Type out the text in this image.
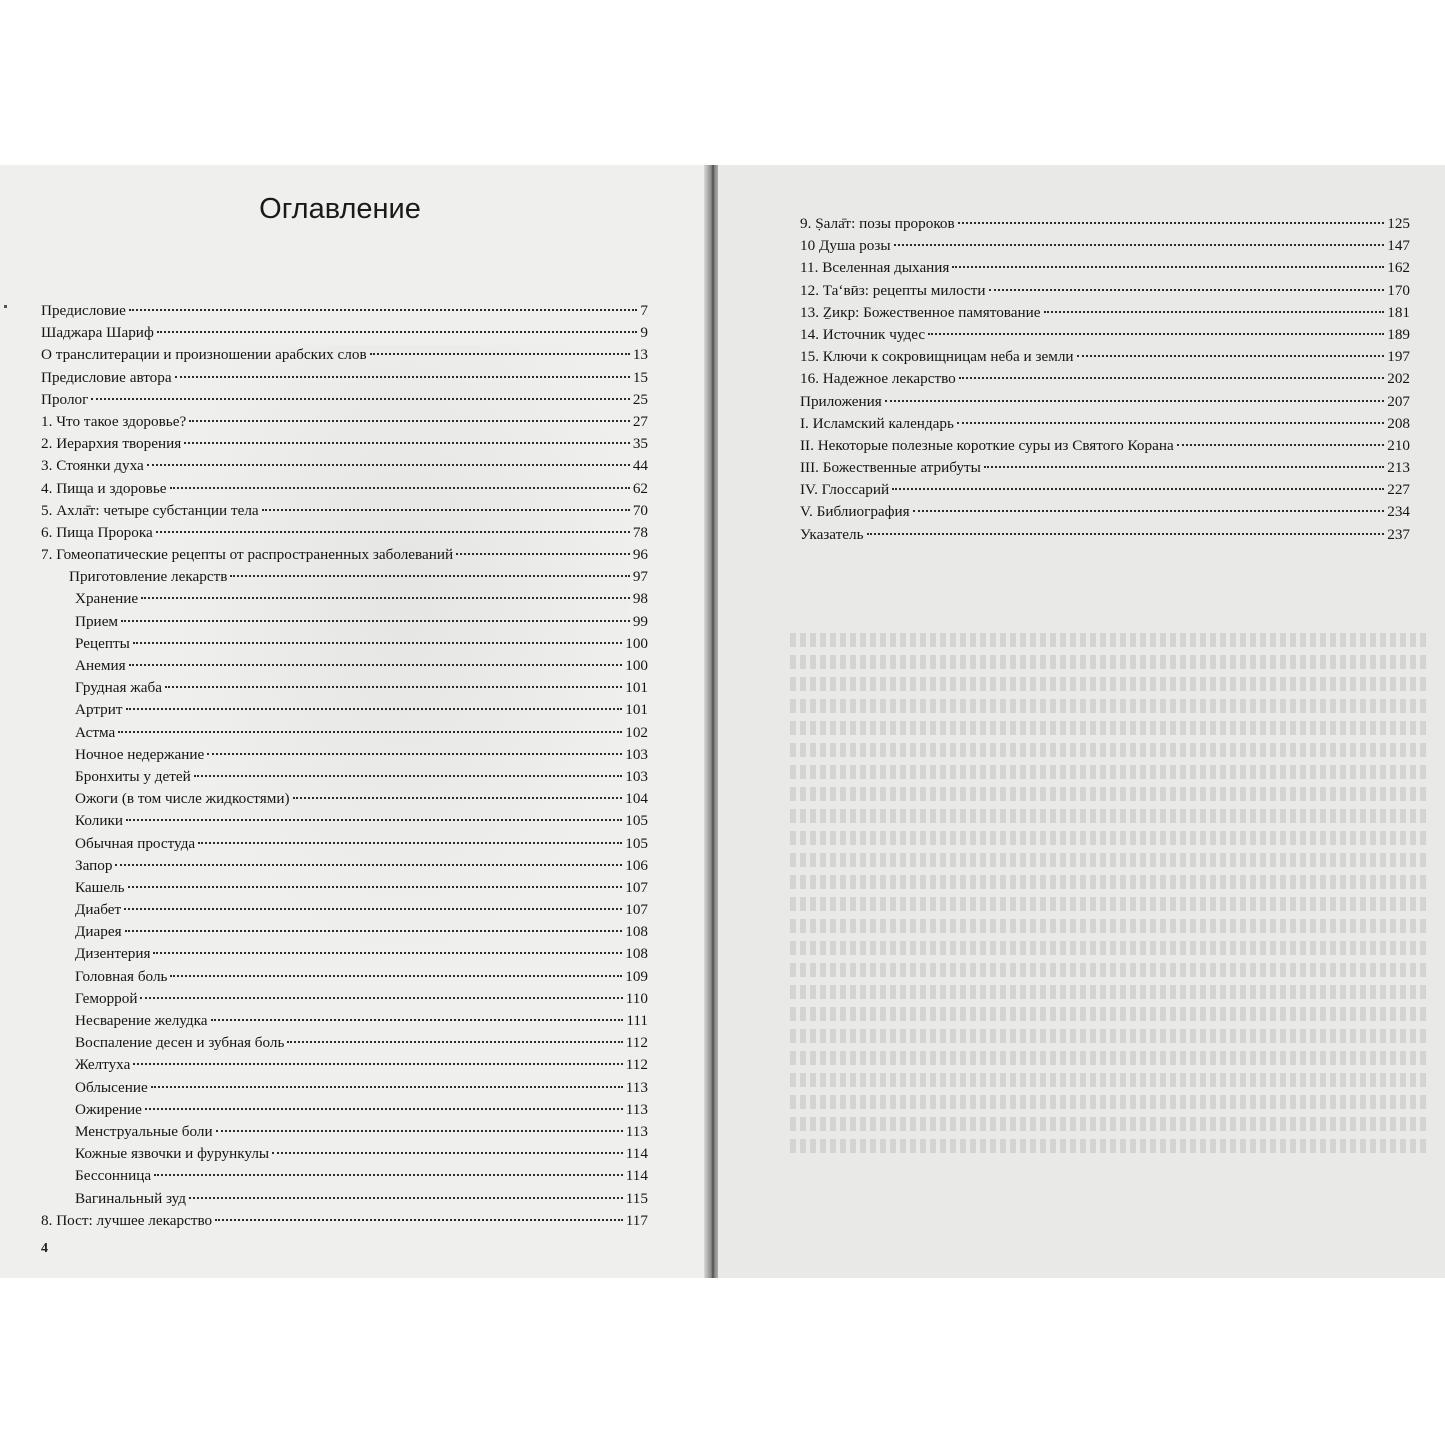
Оглавление
Предисловие	7
Шаджара Шариф	9
О транслитерации и произношении арабских слов	13
Предисловие автора	15
Пролог	25
1. Что такое здоровье?	27
2. Иерархия творения	35
3. Стоянки духа	44
4. Пища и здоровье	62
5. Ахла̄т: четыре субстанции тела	70
6. Пища Пророка	78
7. Гомеопатические рецепты от распространенных заболеваний	96
Приготовление лекарств	97
Хранение	98
Прием	99
Рецепты	100
Анемия	100
Грудная жаба	101
Артрит	101
Астма	102
Ночное недержание	103
Бронхиты у детей	103
Ожоги (в том числе жидкостями)	104
Колики	105
Обычная простуда	105
Запор	106
Кашель	107
Диабет	107
Диарея	108
Дизентерия	108
Головная боль	109
Геморрой	110
Несварение желудка	111
Воспаление десен и зубная боль	112
Желтуха	112
Облысение	113
Ожирение	113
Менструальные боли	113
Кожные язвочки и фурункулы	114
Бессонница	114
Вагинальный зуд	115
8. Пост: лучшее лекарство	117
4
9. Ṣала̄т: позы пророков	125
10 Душа розы	147
11. Вселенная дыхания	162
12. Та‘вӣз: рецепты милости	170
13. Ẕикр: Божественное памятование	181
14. Источник чудес	189
15. Ключи к сокровищницам неба и земли	197
16. Надежное лекарство	202
Приложения	207
I. Исламский календарь	208
II. Некоторые полезные короткие суры из Святого Корана	210
III. Божественные атрибуты	213
IV. Глоссарий	227
V. Библиография	234
Указатель	237
